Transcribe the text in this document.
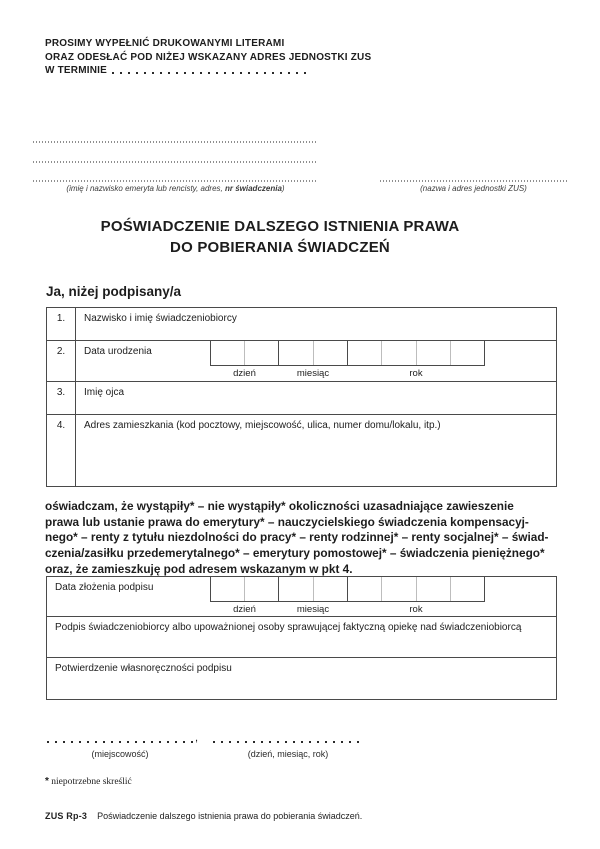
PROSIMY WYPEŁNIĆ DRUKOWANYMI LITERAMI
ORAZ ODESŁAĆ POD NIŻEJ WSKAZANY ADRES JEDNOSTKI ZUS
W TERMINIE
(imię i nazwisko emeryta lub rencisty, adres, nr świadczenia)	(nazwa i adres jednostki ZUS)
POŚWIADCZENIE DALSZEGO ISTNIENIA PRAWA
DO POBIERANIA ŚWIADCZEŃ
Ja, niżej podpisany/a
1.	Nazwisko i imię świadczeniobiorcy
2.	Data urodzenia
dzień	miesiąc	rok
3.	Imię ojca
4.	Adres zamieszkania (kod pocztowy, miejscowość, ulica, numer domu/lokalu, itp.)
oświadczam, że wystąpiły* – nie wystąpiły* okoliczności uzasadniające zawieszenie
prawa lub ustanie prawa do emerytury* – nauczycielskiego świadczenia kompensacyj-
nego* – renty z tytułu niezdolności do pracy* – renty rodzinnej* – renty socjalnej* – świad-
czenia/zasiłku przedemerytalnego* – emerytury pomostowej* – świadczenia pieniężnego*
oraz, że zamieszkuję pod adresem wskazanym w pkt 4.
Data złożenia podpisu
dzień	miesiąc	rok
Podpis świadczeniobiorcy albo upoważnionej osoby sprawującej faktyczną opiekę nad świadczeniobiorcą
Potwierdzenie własnoręczności podpisu
,
(miejscowość)	(dzień, miesiąc, rok)
* niepotrzebne skreślić
ZUS Rp-3 Poświadczenie dalszego istnienia prawa do pobierania świadczeń.
